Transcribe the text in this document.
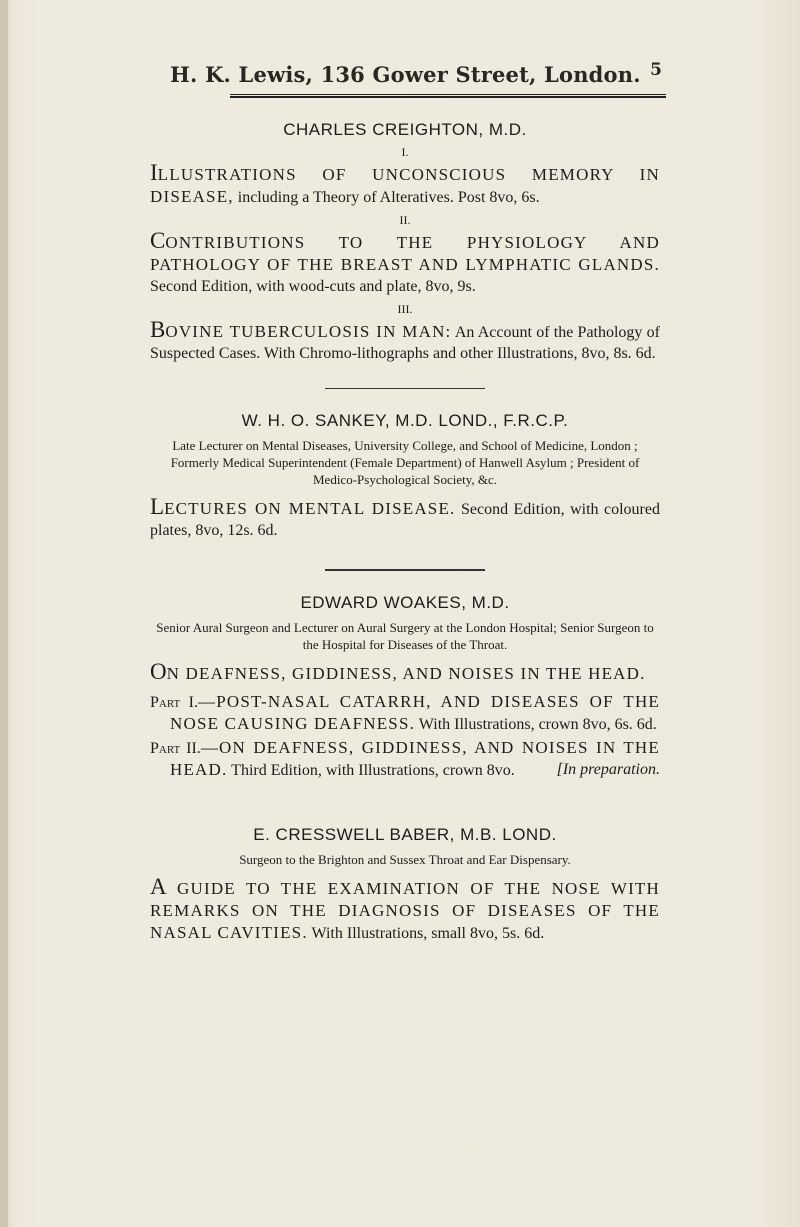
H. K. Lewis, 136 Gower Street, London. 5
CHARLES CREIGHTON, M.D.
I.
ILLUSTRATIONS OF UNCONSCIOUS MEMORY IN DISEASE, including a Theory of Alteratives. Post 8vo, 6s.
II.
CONTRIBUTIONS TO THE PHYSIOLOGY AND PATHOLOGY OF THE BREAST AND LYMPHATIC GLANDS. Second Edition, with wood-cuts and plate, 8vo, 9s.
III.
BOVINE TUBERCULOSIS IN MAN: An Account of the Pathology of Suspected Cases. With Chromo-lithographs and other Illustrations, 8vo, 8s. 6d.
W. H. O. SANKEY, M.D. LOND., F.R.C.P.
Late Lecturer on Mental Diseases, University College, and School of Medicine, London ; Formerly Medical Superintendent (Female Department) of Hanwell Asylum ; President of Medico-Psychological Society, &c.
LECTURES ON MENTAL DISEASE. Second Edition, with coloured plates, 8vo, 12s. 6d.
EDWARD WOAKES, M.D.
Senior Aural Surgeon and Lecturer on Aural Surgery at the London Hospital; Senior Surgeon to the Hospital for Diseases of the Throat.
ON DEAFNESS, GIDDINESS, AND NOISES IN THE HEAD.
Part I.—POST-NASAL CATARRH, AND DISEASES OF THE NOSE CAUSING DEAFNESS. With Illustrations, crown 8vo, 6s. 6d.
Part II.—ON DEAFNESS, GIDDINESS, AND NOISES IN THE HEAD. Third Edition, with Illustrations, crown 8vo.	[In preparation.
E. CRESSWELL BABER, M.B. LOND.
Surgeon to the Brighton and Sussex Throat and Ear Dispensary.
A GUIDE TO THE EXAMINATION OF THE NOSE WITH REMARKS ON THE DIAGNOSIS OF DISEASES OF THE NASAL CAVITIES. With Illustrations, small 8vo, 5s. 6d.
